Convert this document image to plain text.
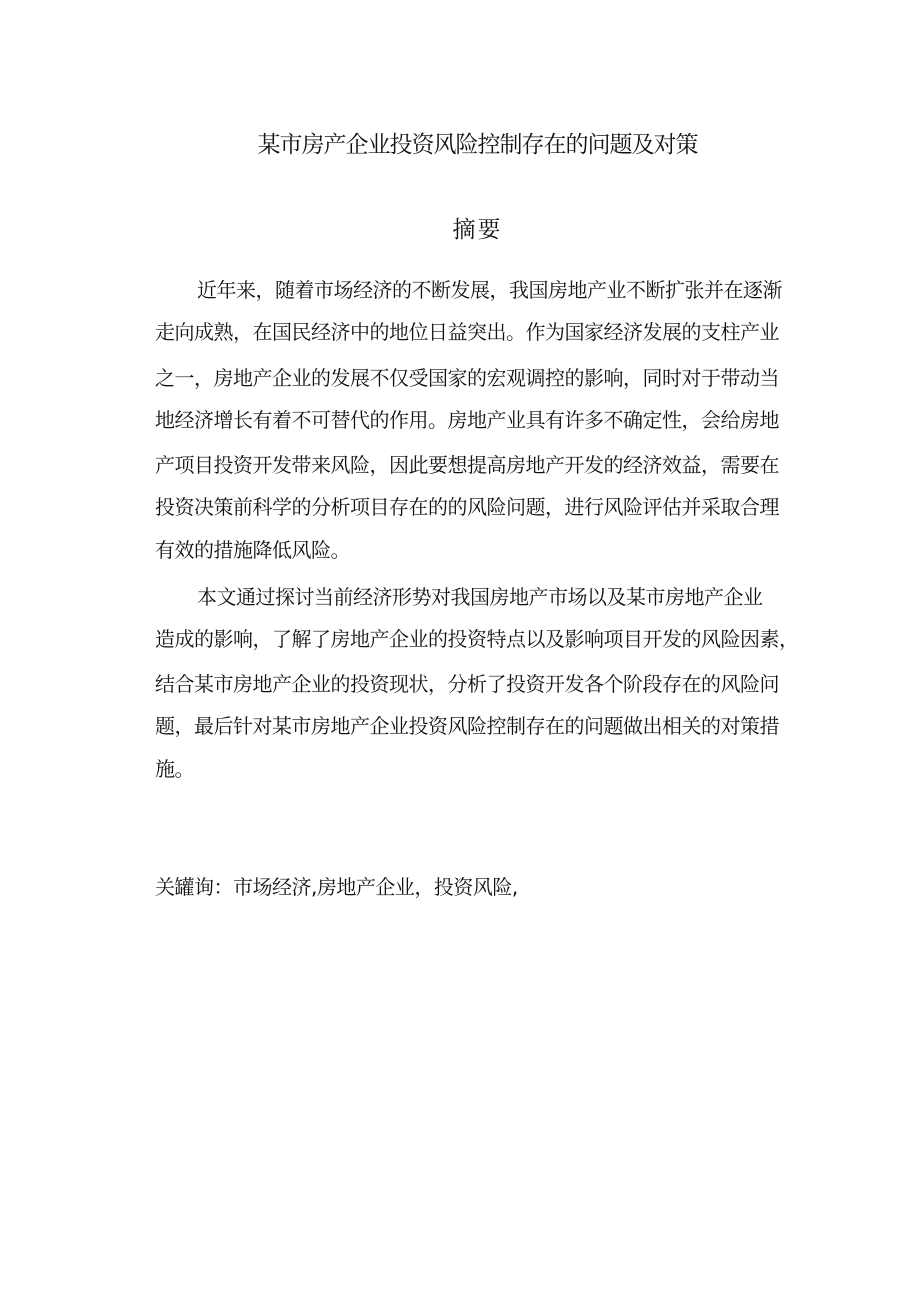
某市房产企业投资风险控制存在的问题及对策
摘要
近年来，随着市场经济的不断发展，我国房地产业不断扩张并在逐渐
走向成熟，在国民经济中的地位日益突出。作为国家经济发展的支柱产业
之一，房地产企业的发展不仅受国家的宏观调控的影响，同时对于带动当
地经济增长有着不可替代的作用。房地产业具有许多不确定性，会给房地
产项目投资开发带来风险，因此要想提高房地产开发的经济效益，需要在
投资决策前科学的分析项目存在的的风险问题，进行风险评估并采取合理
有效的措施降低风险。
本文通过探讨当前经济形势对我国房地产市场以及某市房地产企业
造成的影响，了解了房地产企业的投资特点以及影响项目开发的风险因素，
结合某市房地产企业的投资现状，分析了投资开发各个阶段存在的风险问
题，最后针对某市房地产企业投资风险控制存在的问题做出相关的对策措
施。
关罐询：市场经济,房地产企业，投资风险,
